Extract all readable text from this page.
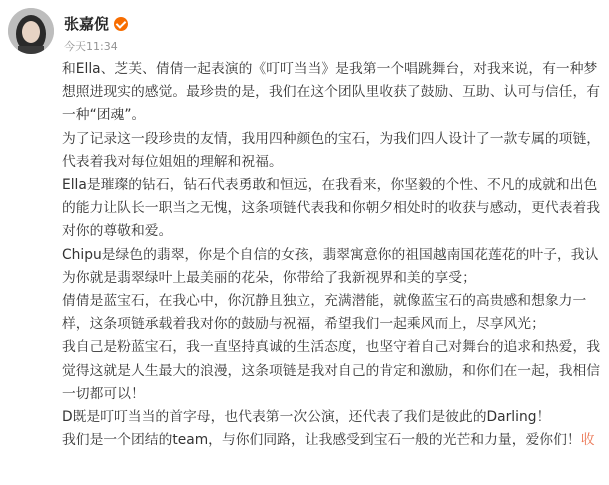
张嘉倪
今天11:34

和Ella、芝芙、倩倩一起表演的《叮叮当当》是我第一个唱跳舞台，对我来说，有一种梦想照进现实的感觉。最珍贵的是，我们在这个团队里收获了鼓励、互助、认可与信任，有一种“团魂”。

为了记录这一段珍贵的友情，我用四种颜色的宝石，为我们四人设计了一款专属的项链，代表着我对每位姐姐的理解和祝福。

Ella是璀璨的钻石，钻石代表勇敢和恒远，在我看来，你坚毅的个性、不凡的成就和出色的能力让队长一职当之无愧，这条项链代表我和你朝夕相处时的收获与感动，更代表着我对你的尊敬和爱。

Chipu是绿色的翡翠，你是个自信的女孩，翡翠寓意你的祖国越南国花莲花的叶子，我认为你就是翡翠绿叶上最美丽的花朵，你带给了我新视界和美的享受；

倩倩是蓝宝石，在我心中，你沉静且独立，充满潜能，就像蓝宝石的高贵感和想象力一样，这条项链承载着我对你的鼓励与祝福，希望我们一起乘风而上，尽享风光；

我自己是粉蓝宝石，我一直坚持真诚的生活态度，也坚守着自己对舞台的追求和热爱，我觉得这就是人生最大的浪漫，这条项链是我对自己的肯定和激励，和你们在一起，我相信一切都可以！

D既是叮叮当当的首字母，也代表第一次公演，还代表了我们是彼此的Darling！

我们是一个团结的team，与你们同路，让我感受到宝石一般的光芒和力量，爱你们！收
